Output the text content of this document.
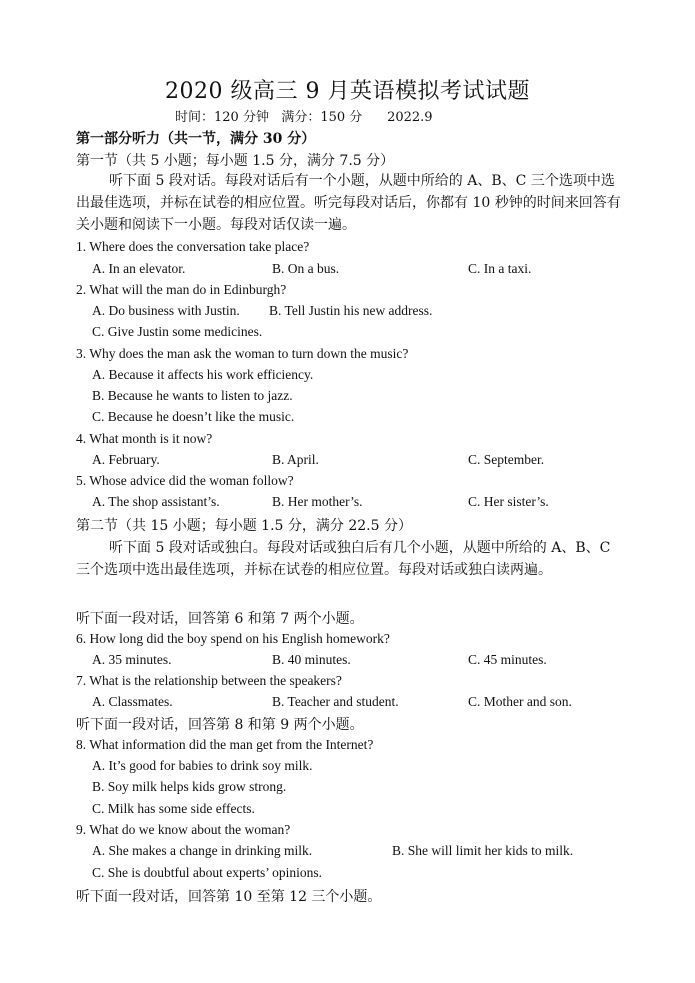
2020 级高三 9 月英语模拟考试试题
时间：120 分钟   满分：150 分      2022.9
第一部分听力（共一节，满分 30 分）
第一节（共 5 小题；每小题 1.5 分，满分 7.5 分）
听下面 5 段对话。每段对话后有一个小题，从题中所给的 A、B、C 三个选项中选出最佳选项，并标在试卷的相应位置。听完每段对话后，你都有 10 秒钟的时间来回答有关小题和阅读下一小题。每段对话仅读一遍。
1. Where does the conversation take place?
A. In an elevator.	B. On a bus.	C. In a taxi.
2. What will the man do in Edinburgh?
A. Do business with Justin. B. Tell Justin his new address.
C. Give Justin some medicines.
3. Why does the man ask the woman to turn down the music?
A. Because it affects his work efficiency.
B. Because he wants to listen to jazz.
C. Because he doesn’t like the music.
4. What month is it now?
A. February.	B. April.	C. September.
5. Whose advice did the woman follow?
A. The shop assistant’s.	B. Her mother’s.	C. Her sister’s.
第二节（共 15 小题；每小题 1.5 分，满分 22.5 分）
听下面 5 段对话或独白。每段对话或独白后有几个小题，从题中所给的 A、B、C 三个选项中选出最佳选项，并标在试卷的相应位置。每段对话或独白读两遍。
听下面一段对话，回答第 6 和第 7 两个小题。
6. How long did the boy spend on his English homework?
A. 35 minutes.	B. 40 minutes.	C. 45 minutes.
7. What is the relationship between the speakers?
A. Classmates.	B. Teacher and student.	C. Mother and son.
听下面一段对话，回答第 8 和第 9 两个小题。
8. What information did the man get from the Internet?
A. It’s good for babies to drink soy milk.
B. Soy milk helps kids grow strong.
C. Milk has some side effects.
9. What do we know about the woman?
A. She makes a change in drinking milk.	B. She will limit her kids to milk.
C. She is doubtful about experts’ opinions.
听下面一段对话，回答第 10 至第 12 三个小题。
